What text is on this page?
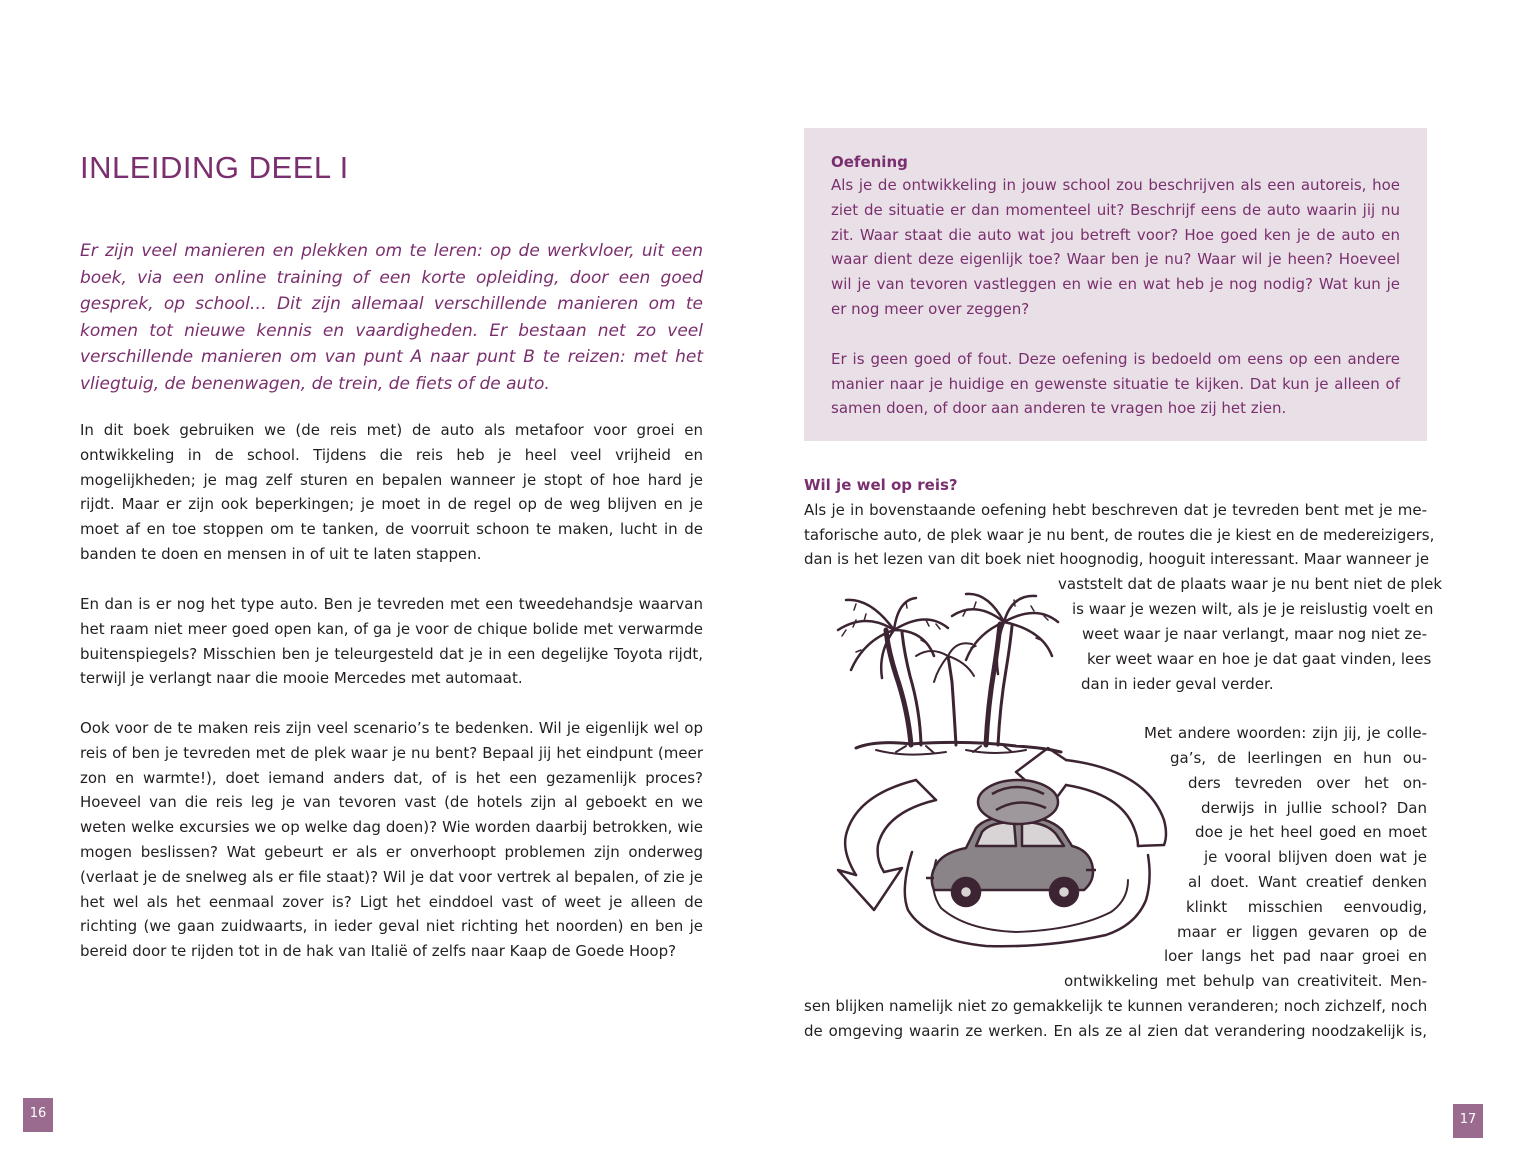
INLEIDING DEEL I

Er zijn veel manieren en plekken om te leren: op de werkvloer, uit een boek, via een online training of een korte opleiding, door een goed gesprek, op school… Dit zijn allemaal verschillende manieren om te komen tot nieuwe kennis en vaardigheden. Er bestaan net zo veel verschillende manieren om van punt A naar punt B te reizen: met het vliegtuig, de benenwagen, de trein, de fiets of de auto.

In dit boek gebruiken we (de reis met) de auto als metafoor voor groei en ontwikkeling in de school. Tijdens die reis heb je heel veel vrijheid en mogelijkheden; je mag zelf sturen en bepalen wanneer je stopt of hoe hard je rijdt. Maar er zijn ook beperkingen; je moet in de regel op de weg blijven en je moet af en toe stoppen om te tanken, de voorruit schoon te maken, lucht in de banden te doen en mensen in of uit te laten stappen.

En dan is er nog het type auto. Ben je tevreden met een tweedehandsje waarvan het raam niet meer goed open kan, of ga je voor de chique bolide met verwarmde buitenspiegels? Misschien ben je teleurgesteld dat je in een degelijke Toyota rijdt, terwijl je verlangt naar die mooie Mercedes met automaat.

Ook voor de te maken reis zijn veel scenario’s te bedenken. Wil je eigenlijk wel op reis of ben je tevreden met de plek waar je nu bent? Bepaal jij het eindpunt (meer zon en warmte!), doet iemand anders dat, of is het een gezamenlijk proces? Hoeveel van die reis leg je van tevoren vast (de hotels zijn al geboekt en we weten welke excursies we op welke dag doen)? Wie worden daarbij betrokken, wie mogen beslissen? Wat gebeurt er als er onverhoopt problemen zijn onderweg (verlaat je de snelweg als er file staat)? Wil je dat voor vertrek al bepalen, of zie je het wel als het eenmaal zover is? Ligt het einddoel vast of weet je alleen de richting (we gaan zuidwaarts, in ieder geval niet richting het noorden) en ben je bereid door te rijden tot in de hak van Italië of zelfs naar Kaap de Goede Hoop?

16

Oefening

Als je de ontwikkeling in jouw school zou beschrijven als een autoreis, hoe ziet de situatie er dan momenteel uit? Beschrijf eens de auto waarin jij nu zit. Waar staat die auto wat jou betreft voor? Hoe goed ken je de auto en waar dient deze eigenlijk toe? Waar ben je nu? Waar wil je heen? Hoeveel wil je van tevoren vastleggen en wie en wat heb je nog nodig? Wat kun je er nog meer over zeggen?

Er is geen goed of fout. Deze oefening is bedoeld om eens op een andere manier naar je huidige en gewenste situatie te kijken. Dat kun je alleen of samen doen, of door aan anderen te vragen hoe zij het zien.

Wil je wel op reis?
Als je in bovenstaande oefening hebt beschreven dat je tevreden bent met je me-
taforische auto, de plek waar je nu bent, de routes die je kiest en de medereizigers,
dan is het lezen van dit boek niet hoognodig, hooguit interessant. Maar wanneer je
vaststelt dat de plaats waar je nu bent niet de plek
is waar je wezen wilt, als je je reislustig voelt en
weet waar je naar verlangt, maar nog niet ze-
ker weet waar en hoe je dat gaat vinden, lees
dan in ieder geval verder.
Met andere woorden: zijn jij, je colle-
ga’s, de leerlingen en hun ou-
ders tevreden over het on-
derwijs in jullie school? Dan
doe je het heel goed en moet
je vooral blijven doen wat je
al doet. Want creatief denken
klinkt misschien eenvoudig,
maar er liggen gevaren op de
loer langs het pad naar groei en
ontwikkeling met behulp van creativiteit. Men-
sen blijken namelijk niet zo gemakkelijk te kunnen veranderen; noch zichzelf, noch
de omgeving waarin ze werken. En als ze al zien dat verandering noodzakelijk is,
17
